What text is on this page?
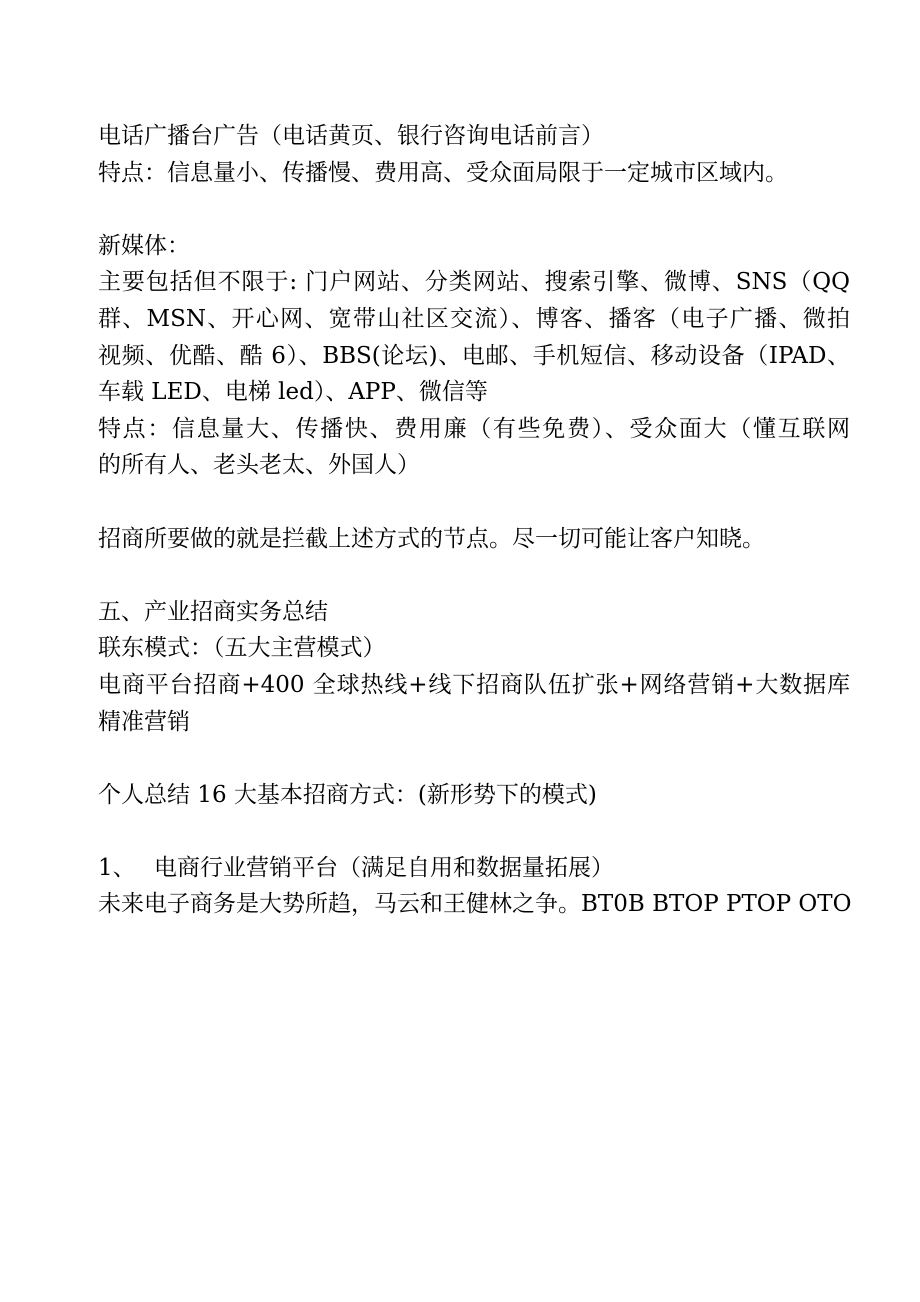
电话广播台广告（电话黄页、银行咨询电话前言）
特点：信息量小、传播慢、费用高、受众面局限于一定城市区域内。
新媒体：
主要包括但不限于: 门户网站、分类网站、搜索引擎、微博、SNS（QQ
群、MSN、开心网、宽带山社区交流）、博客、播客（电子广播、微拍
视频、优酷、酷 6）、BBS(论坛)、电邮、手机短信、移动设备（IPAD、
车载 LED、电梯 led）、APP、微信等
特点：信息量大、传播快、费用廉（有些免费）、受众面大（懂互联网
的所有人、老头老太、外国人）
招商所要做的就是拦截上述方式的节点。尽一切可能让客户知晓。
五、产业招商实务总结
联东模式：（五大主营模式）
电商平台招商+400 全球热线+线下招商队伍扩张+网络营销+大数据库
精准营销
个人总结 16 大基本招商方式：(新形势下的模式)
1、 电商行业营销平台（满足自用和数据量拓展）
未来电子商务是大势所趋，马云和王健林之争。BT0B BTOP PTOP OTO
